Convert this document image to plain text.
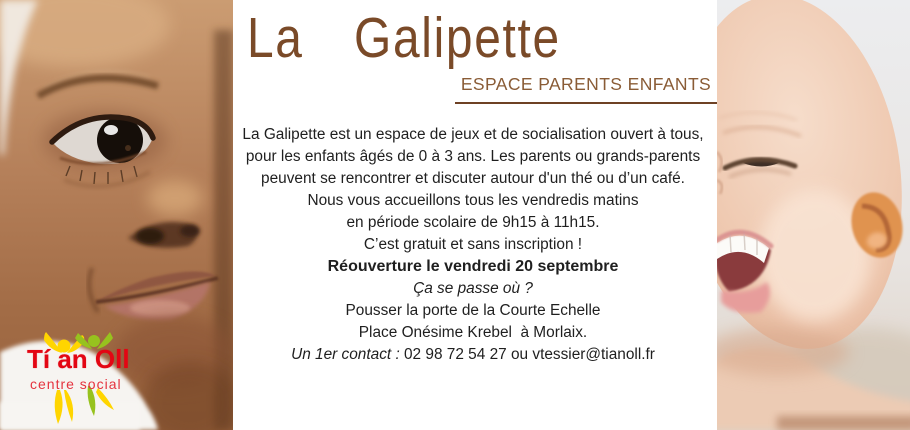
Tí an Oll
centre social
La Galipette
ESPACE PARENTS ENFANTS

La Galipette est un espace de jeux et de socialisation ouvert à tous,
pour les enfants âgés de 0 à 3 ans. Les parents ou grands-parents
peuvent se rencontrer et discuter autour d'un thé ou d’un café.

Nous vous accueillons tous les vendredis matins
en période scolaire de 9h15 à 11h15.

C’est gratuit et sans inscription !

Réouverture le vendredi 20 septembre

Ça se passe où ?
Pousser la porte de la Courte Echelle
Place Onésime Krebel  à Morlaix.

Un 1er contact : 02 98 72 54 27 ou vtessier@tianoll.fr
